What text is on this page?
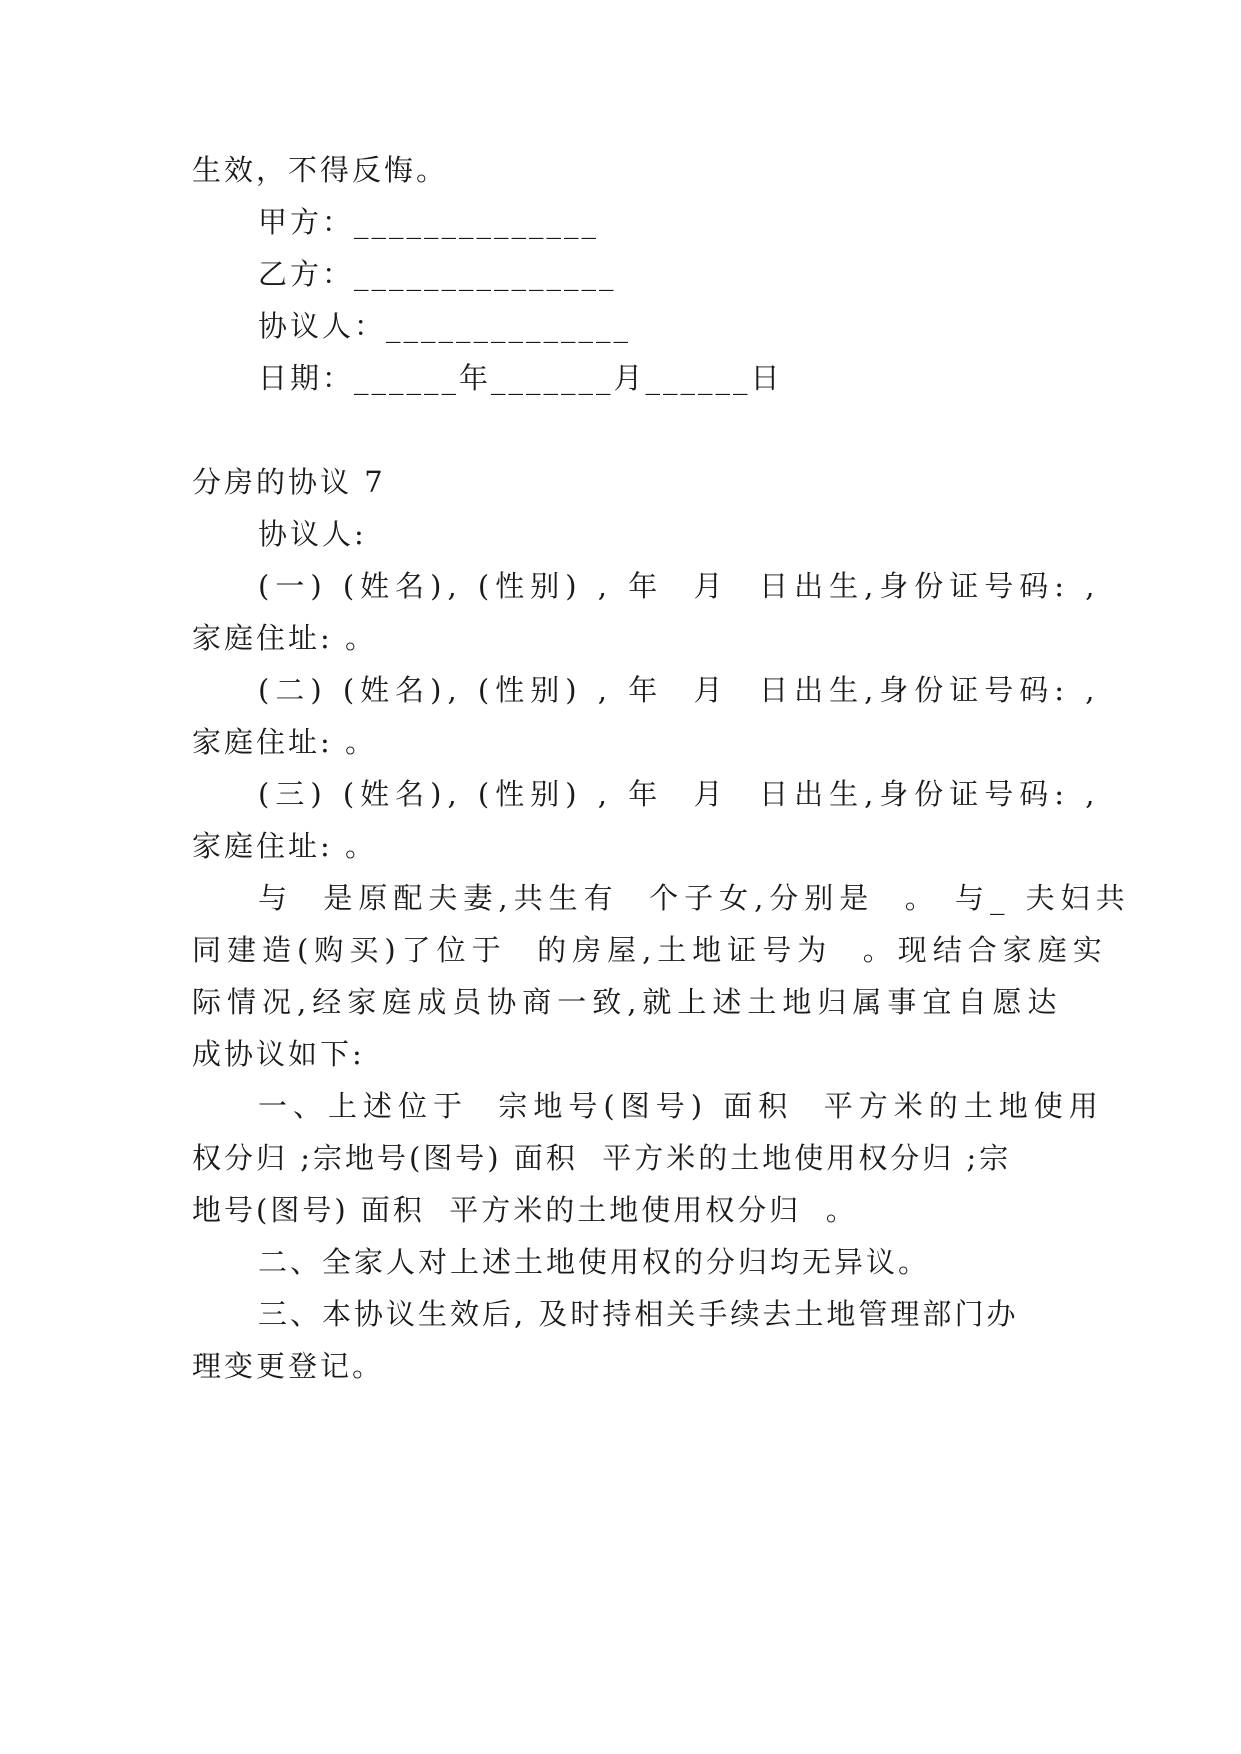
生效，不得反悔。
甲方：______________
乙方：_______________
协议人：______________
日期：______年_______月______日
分房的协议 7
协议人:
(一) (姓名), (性别) , 年  月  日出生,身份证号码: ,
家庭住址: 。
(二) (姓名), (性别) , 年  月  日出生,身份证号码: ,
家庭住址: 。
(三) (姓名), (性别) , 年  月  日出生,身份证号码: ,
家庭住址: 。
与  是原配夫妻,共生有  个子女,分别是  。 与_ 夫妇共
同建造(购买)了位于  的房屋,土地证号为  。现结合家庭实
际情况,经家庭成员协商一致,就上述土地归属事宜自愿达
成协议如下:
一、上述位于  宗地号(图号) 面积  平方米的土地使用
权分归 ;宗地号(图号) 面积  平方米的土地使用权分归 ;宗
地号(图号) 面积  平方米的土地使用权分归  。
二、全家人对上述土地使用权的分归均无异议。
三、本协议生效后, 及时持相关手续去土地管理部门办
理变更登记。
